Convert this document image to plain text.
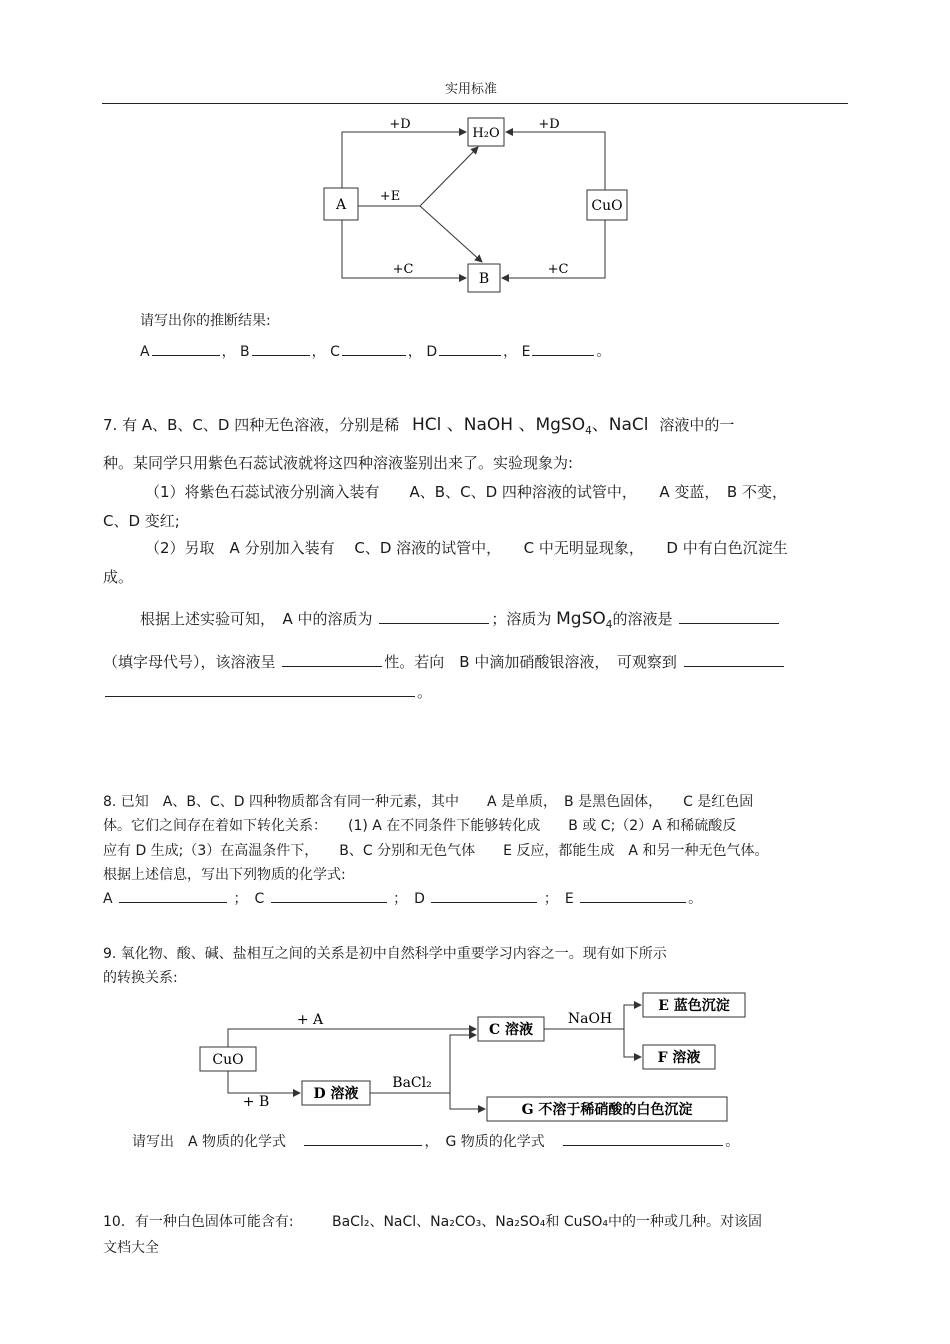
实用标准
A
H₂O
CuO
B
+D	+D
+E
+C	+C
请写出你的推断结果:
A	， B	， C	， D	， E	。
7. 有 A、B、C、D 四种无色溶液，分别是稀 HCl 、NaOH 、MgSO$_4$、NaCl 溶液中的一
种。某同学只用紫色石蕊试液就将这四种溶液鉴别出来了。实验现象为:
（1）将紫色石蕊试液分别滴入装有　　A、B、C、D 四种溶液的试管中，　　A 变蓝，　B 不变，
C、D 变红;
（2）另取　A 分别加入装有　 C、D 溶液的试管中，　　C 中无明显现象，　　D 中有白色沉淀生
成。
根据上述实验可知，　A 中的溶质为	；溶质为 MgSO$_4$的溶液是
（填字母代号），该溶液呈	性。若向　B 中滴加硝酸银溶液，　可观察到
。
8. 已知　A、B、C、D 四种物质都含有同一种元素，其中　　A 是单质，　B 是黑色固体，　　C 是红色固
体。它们之间存在着如下转化关系：　　(1) A 在不同条件下能够转化成　　B 或 C;（2）A 和稀硫酸反
应有 D 生成;（3）在高温条件下，　　B、C 分别和无色气体　　E 反应，都能生成　A 和另一种无色气体。
根据上述信息，写出下列物质的化学式:
A	；　C	；　D	；　E	。
9. 氧化物、酸、碱、盐相互之间的关系是初中自然科学中重要学习内容之一。现有如下所示
的转换关系:
CuO
C 溶液
D 溶液
E 蓝色沉淀
F 溶液
G 不溶于稀硝酸的白色沉淀
+ A
+ B
NaOH
BaCl₂
请写出　A 物质的化学式	，　G 物质的化学式	。
10．有一种白色固体可能含有:	BaCl₂、NaCl、Na₂CO₃、Na₂SO₄和 CuSO₄中的一种或几种。对该固
文档大全
